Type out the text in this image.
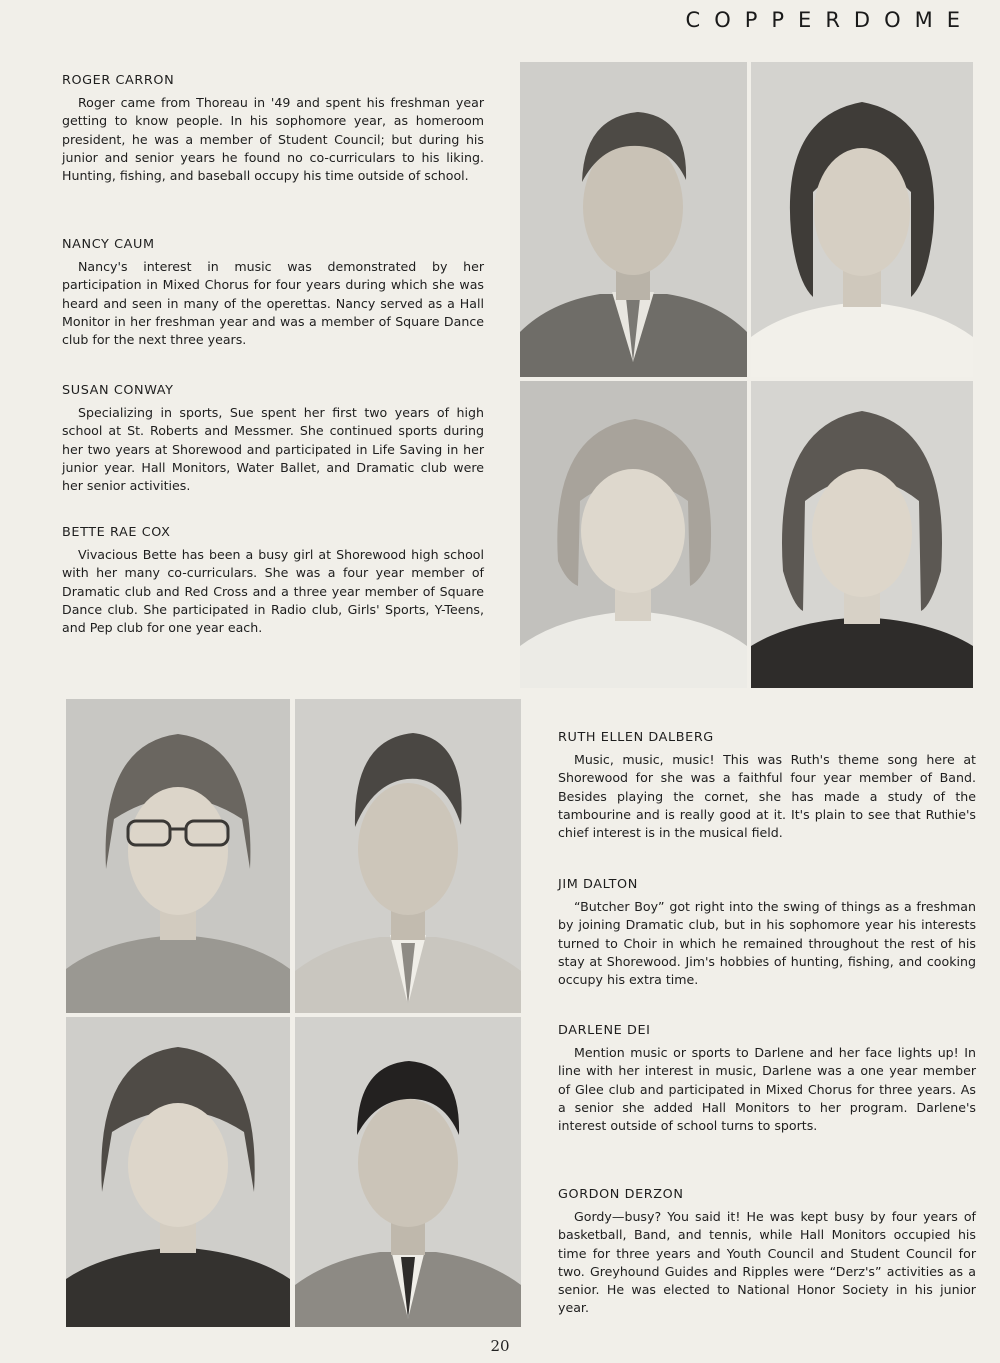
COPPERDOME
ROGER CARRON

Roger came from Thoreau in '49 and spent his freshman year getting to know people. In his sophomore year, as homeroom president, he was a member of Student Council; but during his junior and senior years he found no co-curriculars to his liking. Hunting, fishing, and baseball occupy his time outside of school.

NANCY CAUM

Nancy's interest in music was demonstrated by her participation in Mixed Chorus for four years during which she was heard and seen in many of the operettas. Nancy served as a Hall Monitor in her freshman year and was a member of Square Dance club for the next three years.

SUSAN CONWAY

Specializing in sports, Sue spent her first two years of high school at St. Roberts and Messmer. She continued sports during her two years at Shorewood and participated in Life Saving in her junior year. Hall Monitors, Water Ballet, and Dramatic club were her senior activities.

BETTE RAE COX

Vivacious Bette has been a busy girl at Shorewood high school with her many co-curriculars. She was a four year member of Dramatic club and Red Cross and a three year member of Square Dance club. She participated in Radio club, Girls' Sports, Y-Teens, and Pep club for one year each.

RUTH ELLEN DALBERG

Music, music, music! This was Ruth's theme song here at Shorewood for she was a faithful four year member of Band. Besides playing the cornet, she has made a study of the tambourine and is really good at it. It's plain to see that Ruthie's chief interest is in the musical field.

JIM DALTON

“Butcher Boy” got right into the swing of things as a freshman by joining Dramatic club, but in his sophomore year his interests turned to Choir in which he remained throughout the rest of his stay at Shorewood. Jim's hobbies of hunting, fishing, and cooking occupy his extra time.

DARLENE DEI

Mention music or sports to Darlene and her face lights up! In line with her interest in music, Darlene was a one year member of Glee club and participated in Mixed Chorus for three years. As a senior she added Hall Monitors to her program. Darlene's interest outside of school turns to sports.

GORDON DERZON

Gordy—busy? You said it! He was kept busy by four years of basketball, Band, and tennis, while Hall Monitors occupied his time for three years and Youth Council and Student Council for two. Greyhound Guides and Ripples were “Derz's” activities as a senior. He was elected to National Honor Society in his junior year.

20
